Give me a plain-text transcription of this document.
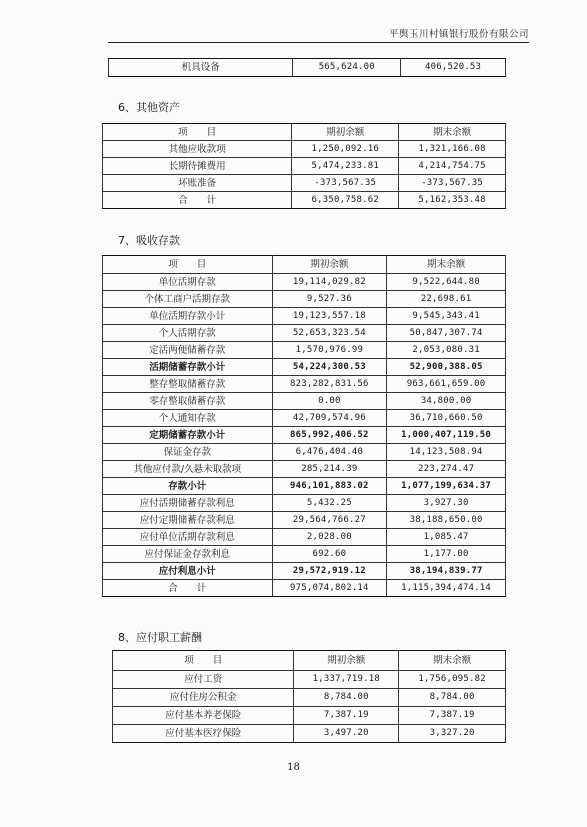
平舆玉川村镇银行股份有限公司
机具设备	565,624.00	406,520.53
6、其他资产
项　　目	期初余额	期末余额
其他应收款项	1,250,092.16	1,321,166.08
长期待摊费用	5,474,233.81	4,214,754.75
坏账准备	-373,567.35	-373,567.35
合　　计	6,350,758.62	5,162,353.48
7、吸收存款
项　　目	期初余额	期末余额
单位活期存款	19,114,029.82	9,522,644.80
个体工商户活期存款	9,527.36	22,698.61
单位活期存款小计	19,123,557.18	9,545,343.41
个人活期存款	52,653,323.54	50,847,307.74
定活两便储蓄存款	1,570,976.99	2,053,080.31
活期储蓄存款小计	54,224,300.53	52,900,388.05
整存整取储蓄存款	823,282,831.56	963,661,659.00
零存整取储蓄存款	0.00	34,800.00
个人通知存款	42,709,574.96	36,710,660.50
定期储蓄存款小计	865,992,406.52	1,000,407,119.50
保证金存款	6,476,404.40	14,123,508.94
其他应付款/久悬未取款项	285,214.39	223,274.47
存款小计	946,101,883.02	1,077,199,634.37
应付活期储蓄存款利息	5,432.25	3,927.30
应付定期储蓄存款利息	29,564,766.27	38,188,650.00
应付单位活期存款利息	2,028.00	1,085.47
应付保证金存款利息	692.60	1,177.00
应付利息小计	29,572,919.12	38,194,839.77
合　　计	975,074,802.14	1,115,394,474.14
8、应付职工薪酬
项　　目	期初余额	期末余额
应付工资	1,337,719.18	1,756,095.82
应付住房公积金	8,784.00	8,784.00
应付基本养老保险	7,387.19	7,387.19
应付基本医疗保险	3,497.20	3,327.20
18
